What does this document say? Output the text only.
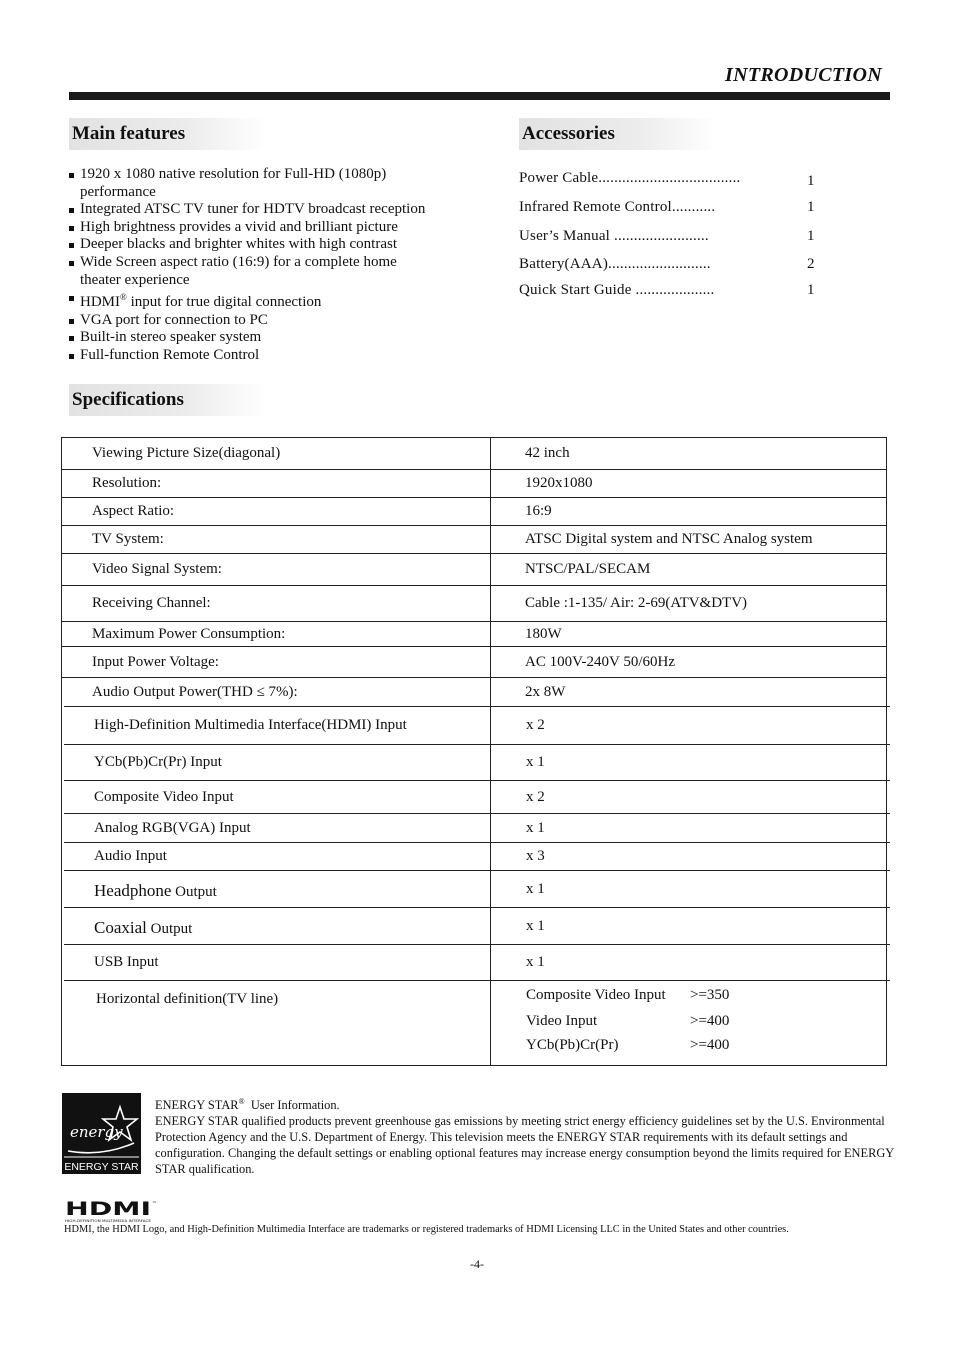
INTRODUCTION
Main features
1920 x 1080 native resolution for Full-HD (1080p)
performance
Integrated ATSC TV tuner for HDTV broadcast reception
High brightness provides a vivid and brilliant picture
Deeper blacks and brighter whites with high contrast
Wide Screen aspect ratio (16:9) for a complete home
theater experience
HDMI® input for true digital connection
VGA port for connection to PC
Built-in stereo speaker system
Full-function Remote Control
Accessories
Power Cable....................................	1
Infrared Remote Control...........	1
User’s Manual ........................	1
Battery(AAA)..........................	2
Quick Start Guide ....................	1
Specifications
Viewing Picture Size(diagonal)	42 inch
Resolution:	1920x1080
Aspect Ratio:	16:9
TV System:	ATSC Digital system and NTSC Analog system
Video Signal System:	NTSC/PAL/SECAM
Receiving Channel:	Cable :1-135/ Air: 2-69(ATV&DTV)
Maximum Power Consumption:	180W
Input Power Voltage:	AC 100V-240V 50/60Hz
Audio Output Power(THD ≤ 7%):	2x 8W
High-Definition Multimedia Interface(HDMI) Input	x 2
YCb(Pb)Cr(Pr) Input	x 1
Composite Video Input	x 2
Analog RGB(VGA) Input	x 1
Audio Input	x 3
Headphone Output	x 1
Coaxial Output	x 1
USB Input	x 1
Horizontal definition(TV line)	Composite Video Input >=350
Video Input	>=400
YCb(Pb)Cr(Pr)	>=400
energy
ENERGY STAR
ENERGY STAR®  User Information.
ENERGY STAR qualified products prevent greenhouse gas emissions by meeting strict energy efficiency guidelines set by the U.S. Environmental Protection Agency and the U.S. Department of Energy. This television meets the ENERGY STAR requirements with its default settings and configuration. Changing the default settings or enabling optional features may increase energy consumption beyond the limits required for ENERGY STAR qualification.
HDMI ™
HIGH-DEFINITION MULTIMEDIA INTERFACE
HDMI, the HDMI Logo, and High-Definition Multimedia Interface are trademarks or registered trademarks of HDMI Licensing LLC in the United States and other countries.
-4-
